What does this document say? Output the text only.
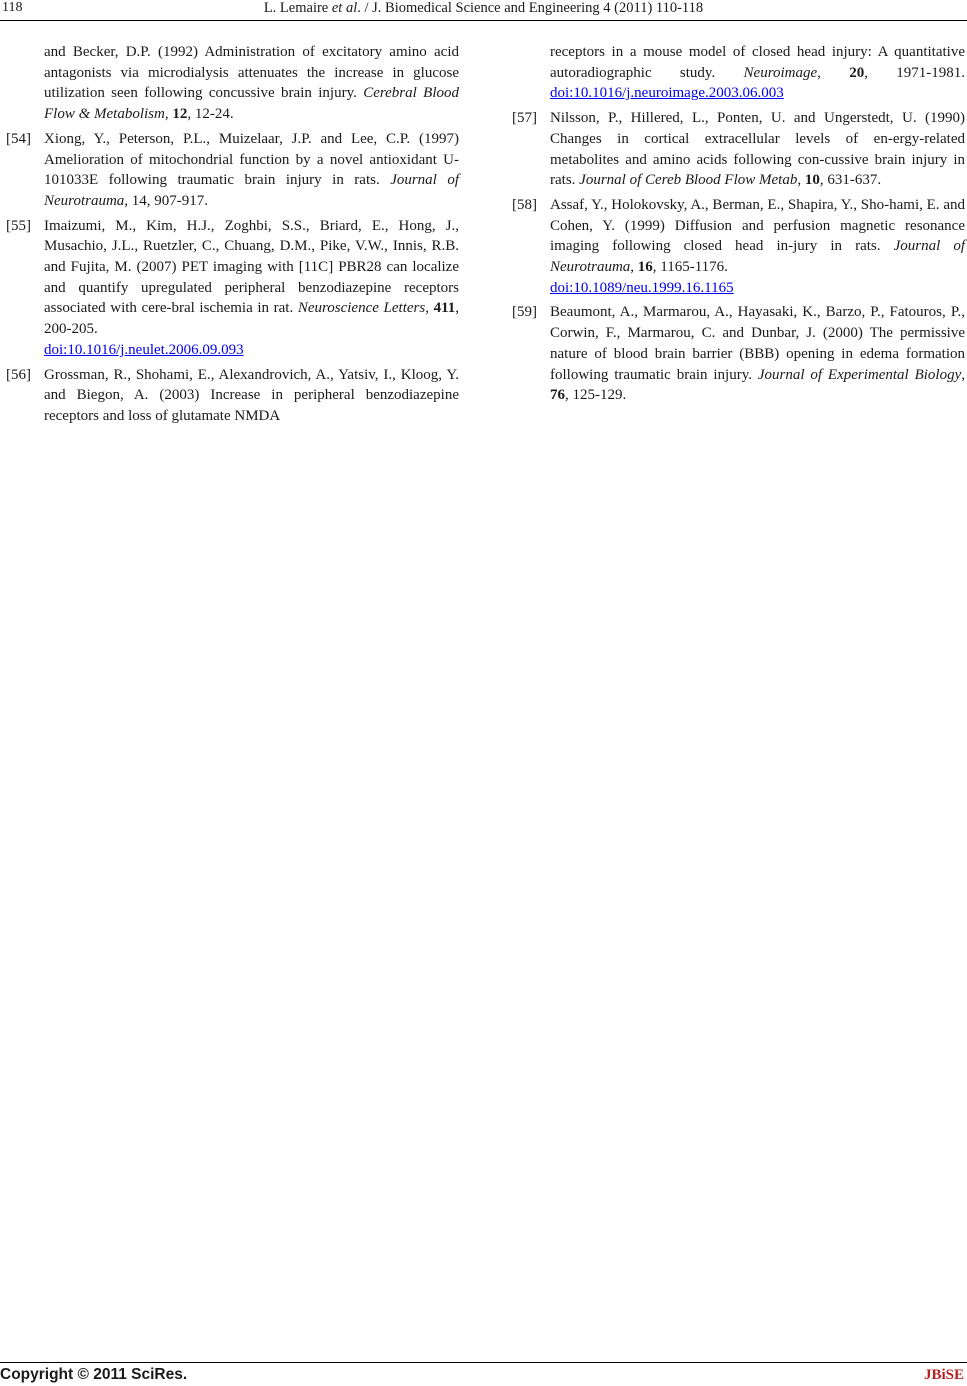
118	L. Lemaire et al. / J. Biomedical Science and Engineering 4 (2011) 110-118
and Becker, D.P. (1992) Administration of excitatory amino acid antagonists via microdialysis attenuates the increase in glucose utilization seen following concussive brain injury. Cerebral Blood Flow & Metabolism, 12, 12-24.
[54] Xiong, Y., Peterson, P.L., Muizelaar, J.P. and Lee, C.P. (1997) Amelioration of mitochondrial function by a novel antioxidant U-101033E following traumatic brain injury in rats. Journal of Neurotrauma, 14, 907-917.
[55] Imaizumi, M., Kim, H.J., Zoghbi, S.S., Briard, E., Hong, J., Musachio, J.L., Ruetzler, C., Chuang, D.M., Pike, V.W., Innis, R.B. and Fujita, M. (2007) PET imaging with [11C] PBR28 can localize and quantify upregulated peripheral benzodiazepine receptors associated with cere-bral ischemia in rat. Neuroscience Letters, 411, 200-205.
doi:10.1016/j.neulet.2006.09.093
[56] Grossman, R., Shohami, E., Alexandrovich, A., Yatsiv, I., Kloog, Y. and Biegon, A. (2003) Increase in peripheral benzodiazepine receptors and loss of glutamate NMDA
receptors in a mouse model of closed head injury: A quantitative autoradiographic study. Neuroimage, 20, 1971-1981. doi:10.1016/j.neuroimage.2003.06.003
[57] Nilsson, P., Hillered, L., Ponten, U. and Ungerstedt, U. (1990) Changes in cortical extracellular levels of en-ergy-related metabolites and amino acids following con-cussive brain injury in rats. Journal of Cereb Blood Flow Metab, 10, 631-637.
[58] Assaf, Y., Holokovsky, A., Berman, E., Shapira, Y., Sho-hami, E. and Cohen, Y. (1999) Diffusion and perfusion magnetic resonance imaging following closed head in-jury in rats. Journal of Neurotrauma, 16, 1165-1176.
doi:10.1089/neu.1999.16.1165
[59] Beaumont, A., Marmarou, A., Hayasaki, K., Barzo, P., Fatouros, P., Corwin, F., Marmarou, C. and Dunbar, J. (2000) The permissive nature of blood brain barrier (BBB) opening in edema formation following traumatic brain injury. Journal of Experimental Biology, 76, 125-129.
Copyright © 2011 SciRes.	JBiSE
